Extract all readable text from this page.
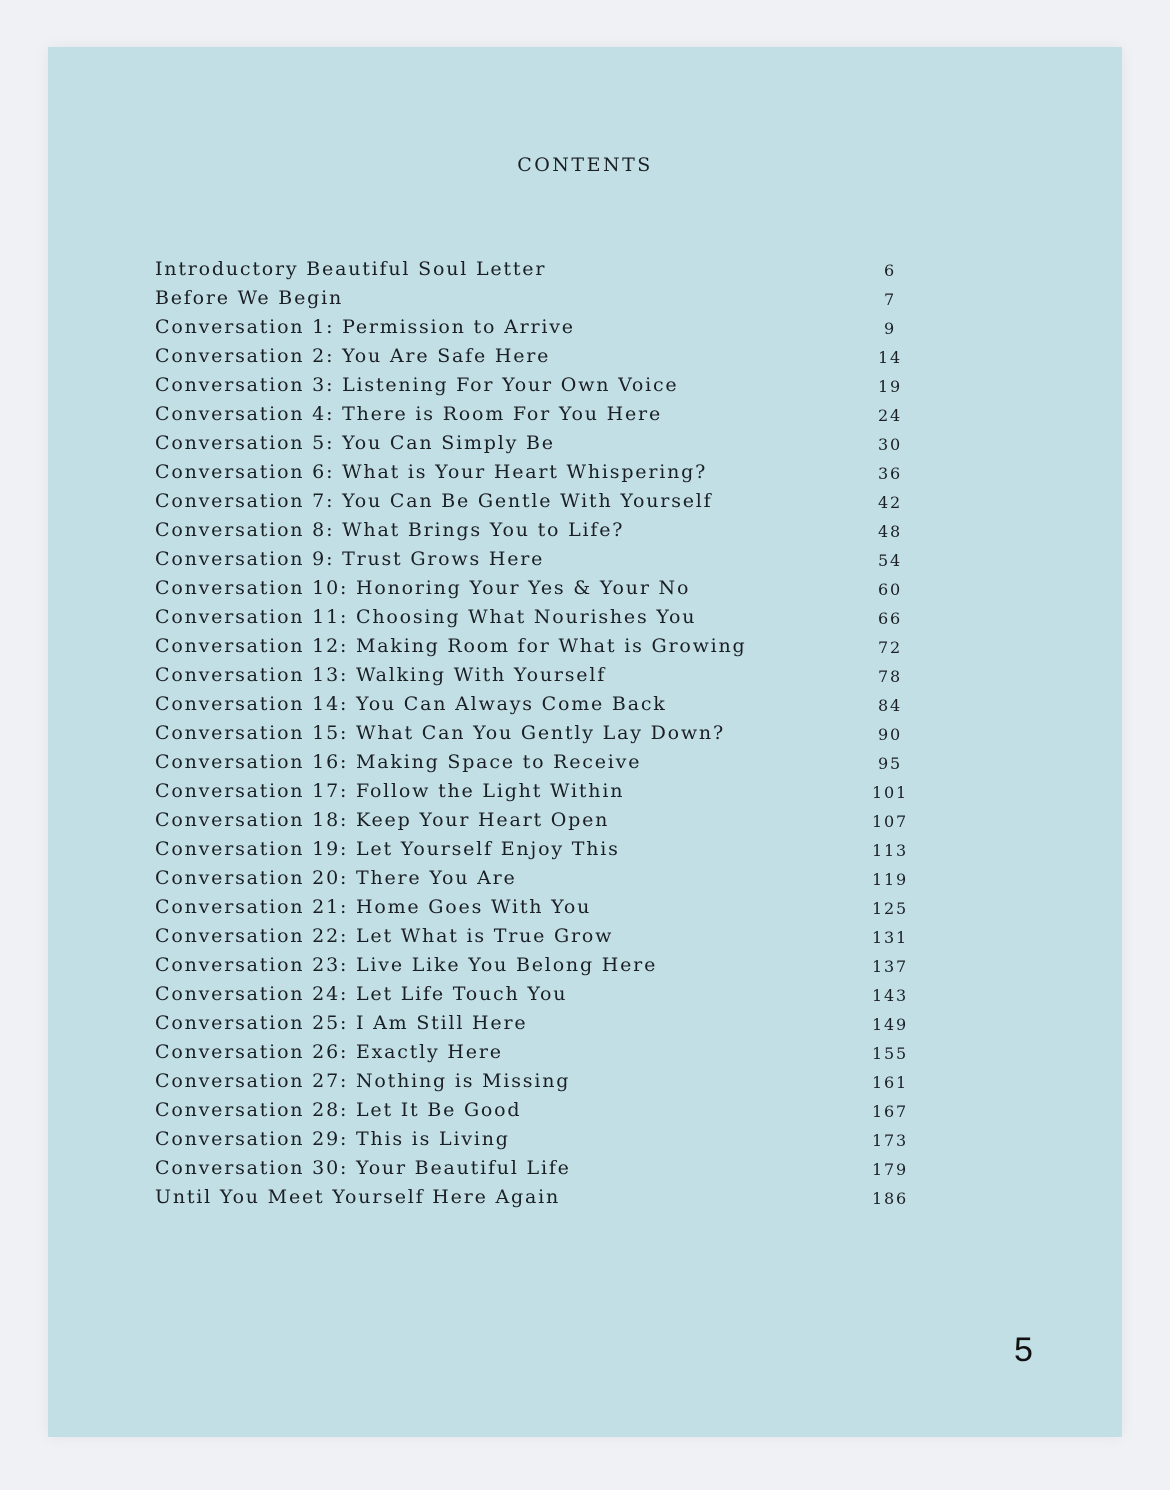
CONTENTS
Introductory Beautiful Soul Letter	6
Before We Begin	7
Conversation 1: Permission to Arrive	9
Conversation 2: You Are Safe Here	14
Conversation 3: Listening For Your Own Voice	19
Conversation 4: There is Room For You Here	24
Conversation 5: You Can Simply Be	30
Conversation 6: What is Your Heart Whispering?	36
Conversation 7: You Can Be Gentle With Yourself	42
Conversation 8: What Brings You to Life?	48
Conversation 9: Trust Grows Here	54
Conversation 10: Honoring Your Yes & Your No	60
Conversation 11: Choosing What Nourishes You	66
Conversation 12: Making Room for What is Growing	72
Conversation 13: Walking With Yourself	78
Conversation 14: You Can Always Come Back	84
Conversation 15: What Can You Gently Lay Down?	90
Conversation 16: Making Space to Receive	95
Conversation 17: Follow the Light Within	101
Conversation 18: Keep Your Heart Open	107
Conversation 19: Let Yourself Enjoy This	113
Conversation 20: There You Are	119
Conversation 21: Home Goes With You	125
Conversation 22: Let What is True Grow	131
Conversation 23: Live Like You Belong Here	137
Conversation 24: Let Life Touch You	143
Conversation 25: I Am Still Here	149
Conversation 26: Exactly Here	155
Conversation 27: Nothing is Missing	161
Conversation 28: Let It Be Good	167
Conversation 29: This is Living	173
Conversation 30: Your Beautiful Life	179
Until You Meet Yourself Here Again	186
5
